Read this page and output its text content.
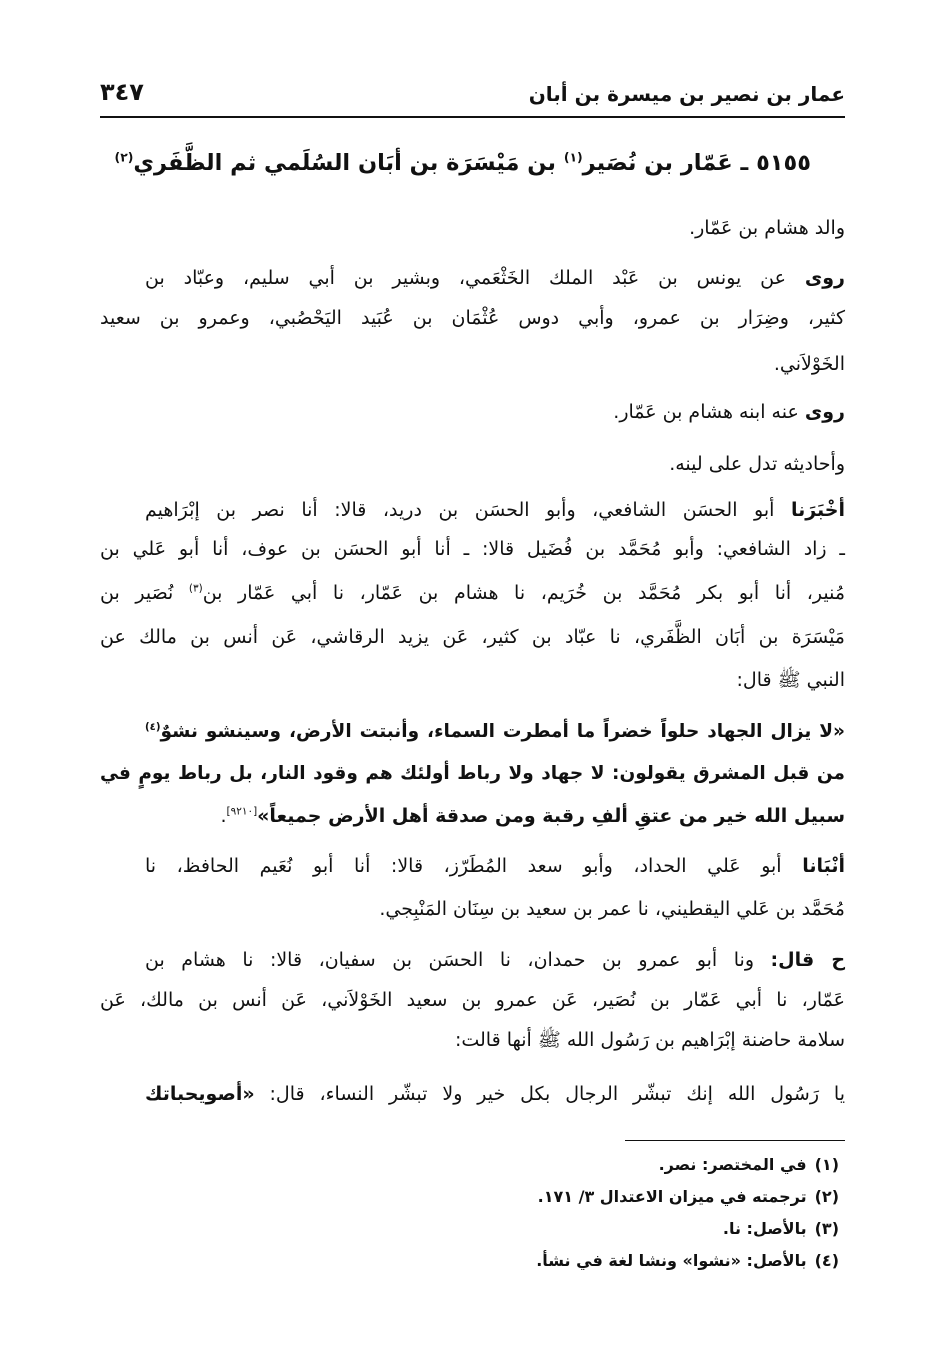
عمار بن نصير بن ميسرة بن أبان
٣٤٧
٥١٥٥ ـ عَمّار بن نُصَير$^{(١)}$ بن مَيْسَرَة بن أبَان السُلَمي ثم الظَّفَري$^{(٢)}$
والد هشام بن عَمّار.
روى عن يونس بن عَبْد الملك الخَثْعَمي، وبشير بن أبي سليم، وعبّاد بن
كثير، وضِرَار بن عمرو، وأبي دوس عُثْمَان بن عُبَيد اليَحْصُبي، وعمرو بن سعيد
الخَوْلاَني.
روى عنه ابنه هشام بن عَمّار.
وأحاديثه تدل على لينه.
أخْبَرَنا أبو الحسَن الشافعي، وأبو الحسَن بن دريد، قالا: أنا نصر بن إبْرَاهيم
ـ زاد الشافعي: وأبو مُحَمَّد بن فُضَيل قالا: ـ أنا أبو الحسَن بن عوف، أنا أبو عَلي بن
مُنير، أنا أبو بكر مُحَمَّد بن خُرَيم، نا هشام بن عَمّار، نا أبي عَمّار بن$^{(٣)}$ نُصَير بن
مَيْسَرَة بن أبَان الظَّفَري، نا عبّاد بن كثير، عَن يزيد الرقاشي، عَن أنس بن مالك عن
النبي ﷺ قال:
«لا يزال الجهاد حلواً خضراً ما أمطرت السماء، وأنبتت الأرض، وسينشو نشوٌ$^{(٤)}$
من قبل المشرق يقولون: لا جهاد ولا رباط أولئك هم وقود النار، بل رباط يومٍ في
سبيل الله خير من عتقِ ألفِ رقبة ومن صدقة أهل الأرض جميعاً»[٩٢١٠].
أنْبَانا أبو عَلي الحداد، وأبو سعد المُطَرّز، قالا: أنا أبو نُعَيم الحافظ، نا
مُحَمَّد بن عَلي اليقطيني، نا عمر بن سعيد بن سِنَان المَنْبِجي.
ح قال: ونا أبو عمرو بن حمدان، نا الحسَن بن سفيان، قالا: نا هشام بن
عَمّار، نا أبي عَمّار بن نُصَير، عَن عمرو بن سعيد الخَوْلاَني، عَن أنس بن مالك، عَن
سلامة حاضنة إبْرَاهيم بن رَسُول الله ﷺ أنها قالت:
يا رَسُول الله إنك تبشّر الرجال بكل خير ولا تبشّر النساء، قال: «أصويحباتك
(١)في المختصر: نصر.
(٢)ترجمته في ميزان الاعتدال ٣/ ١٧١.
(٣)بالأصل: نا.
(٤)بالأصل: «نشوا» ونشا لغة في نشأ.
